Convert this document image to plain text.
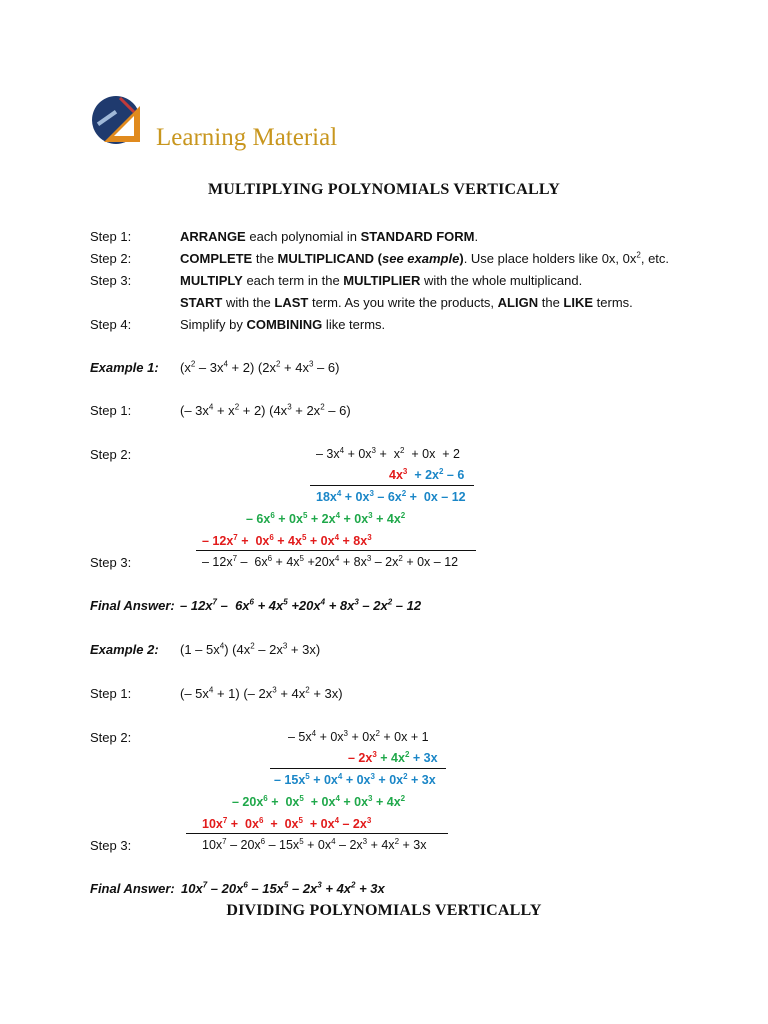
Learning Material
MULTIPLYING POLYNOMIALS VERTICALLY
Step 1:	ARRANGE each polynomial in STANDARD FORM.
Step 2:	COMPLETE the MULTIPLICAND (see example). Use place holders like 0x, $0x^2$, etc.
Step 3:	MULTIPLY each term in the MULTIPLIER with the whole multiplicand.
START with the LAST term. As you write the products, ALIGN the LIKE terms.
Step 4:	Simplify by COMBINING like terms.
Example 1: $(x^2 - 3x^4 + 2) (2x^2 + 4x^3 - 6)$
Step 1:	(– $3x^4 + x^2 + 2$) $(4x^3 + 2x^2 - 6)$
Step 2:	– $3x^4 + 0x^3 + x^2 + 0x + 2$
$4x^3 + 2x^2 - 6$
$18x^4 + 0x^3 - 6x^2 + 0x - 12$
– $6x^6 + 0x^5 + 2x^4 + 0x^3 + 4x^2$
– $12x^7 + 0x^6 + 4x^5 + 0x^4 + 8x^3$
Step 3:	– $12x^7 - 6x^6 + 4x^5 +20x^4 + 8x^3 - 2x^2 + 0x - 12$
Final Answer: – $12x^7 - 6x^6 + 4x^5 +20x^4 + 8x^3 - 2x^2 - 12$
Example 2: $(1 - 5x^4)$ $(4x^2 - 2x^3 + 3x)$
Step 1:	(– $5x^4 + 1$) (– $2x^3 + 4x^2 + 3x$)
Step 2:	– $5x^4 + 0x^3 + 0x^2 + 0x + 1$
– $2x^3 + 4x^2 + 3x$
– $15x^5 + 0x^4 + 0x^3 + 0x^2 + 3x$
– $20x^6 + 0x^5 + 0x^4 + 0x^3 + 4x^2$
$10x^7 + 0x^6 + 0x^5 + 0x^4 - 2x^3$
Step 3:	$10x^7 - 20x^6 - 15x^5 + 0x^4 - 2x^3 + 4x^2 + 3x$
Final Answer: $10x^7 - 20x^6 - 15x^5 - 2x^3 + 4x^2 + 3x$
DIVIDING POLYNOMIALS VERTICALLY
